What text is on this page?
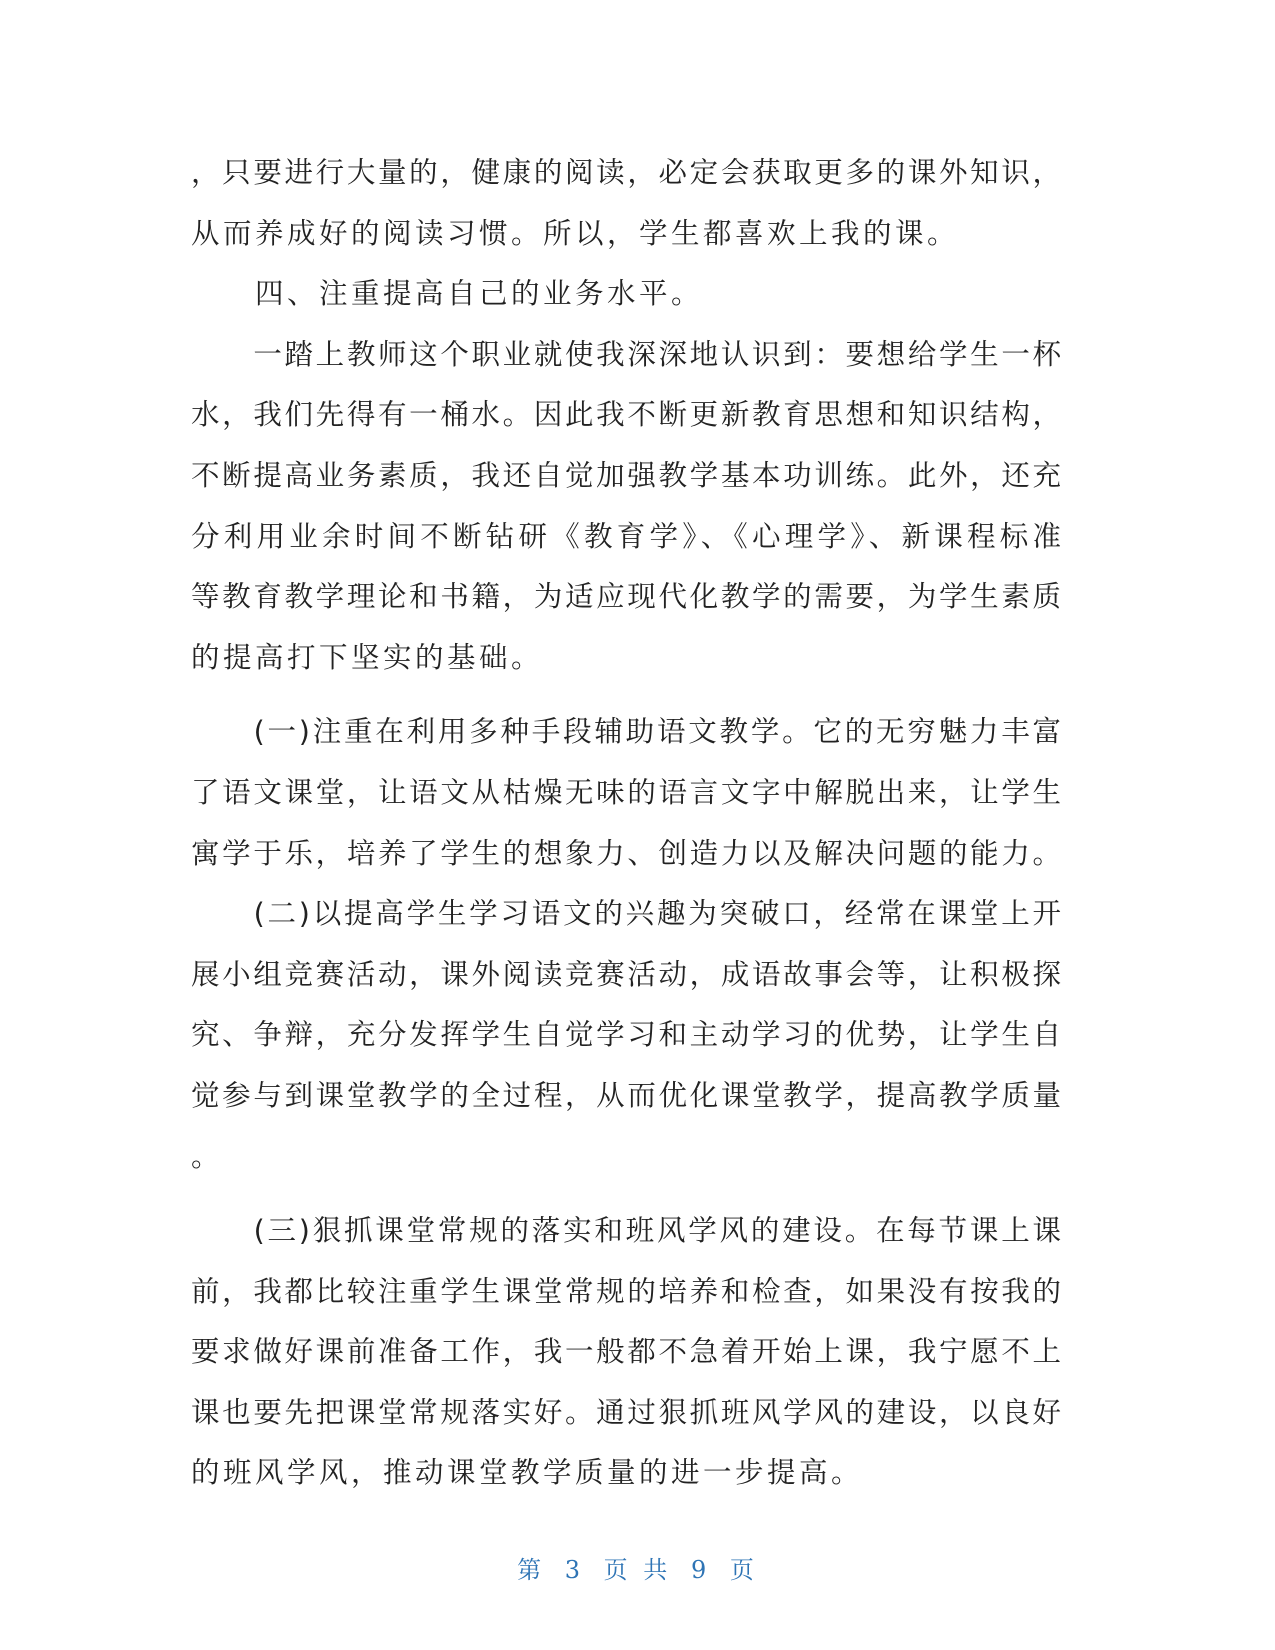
，只要进行大量的，健康的阅读，必定会获取更多的课外知识，
从而养成好的阅读习惯。所以，学生都喜欢上我的课。
　　四、注重提高自己的业务水平。
　　一踏上教师这个职业就使我深深地认识到：要想给学生一杯
水，我们先得有一桶水。因此我不断更新教育思想和知识结构，
不断提高业务素质，我还自觉加强教学基本功训练。此外，还充
分利用业余时间不断钻研《教育学》、《心理学》、新课程标准
等教育教学理论和书籍，为适应现代化教学的需要，为学生素质
的提高打下坚实的基础。
　　(一)注重在利用多种手段辅助语文教学。它的无穷魅力丰富
了语文课堂，让语文从枯燥无味的语言文字中解脱出来，让学生
寓学于乐，培养了学生的想象力、创造力以及解决问题的能力。
　　(二)以提高学生学习语文的兴趣为突破口，经常在课堂上开
展小组竞赛活动，课外阅读竞赛活动，成语故事会等，让积极探
究、争辩，充分发挥学生自觉学习和主动学习的优势，让学生自
觉参与到课堂教学的全过程，从而优化课堂教学，提高教学质量
。
　　(三)狠抓课堂常规的落实和班风学风的建设。在每节课上课
前，我都比较注重学生课堂常规的培养和检查，如果没有按我的
要求做好课前准备工作，我一般都不急着开始上课，我宁愿不上
课也要先把课堂常规落实好。通过狠抓班风学风的建设，以良好
的班风学风，推动课堂教学质量的进一步提高。
第 3 页 共 9 页
